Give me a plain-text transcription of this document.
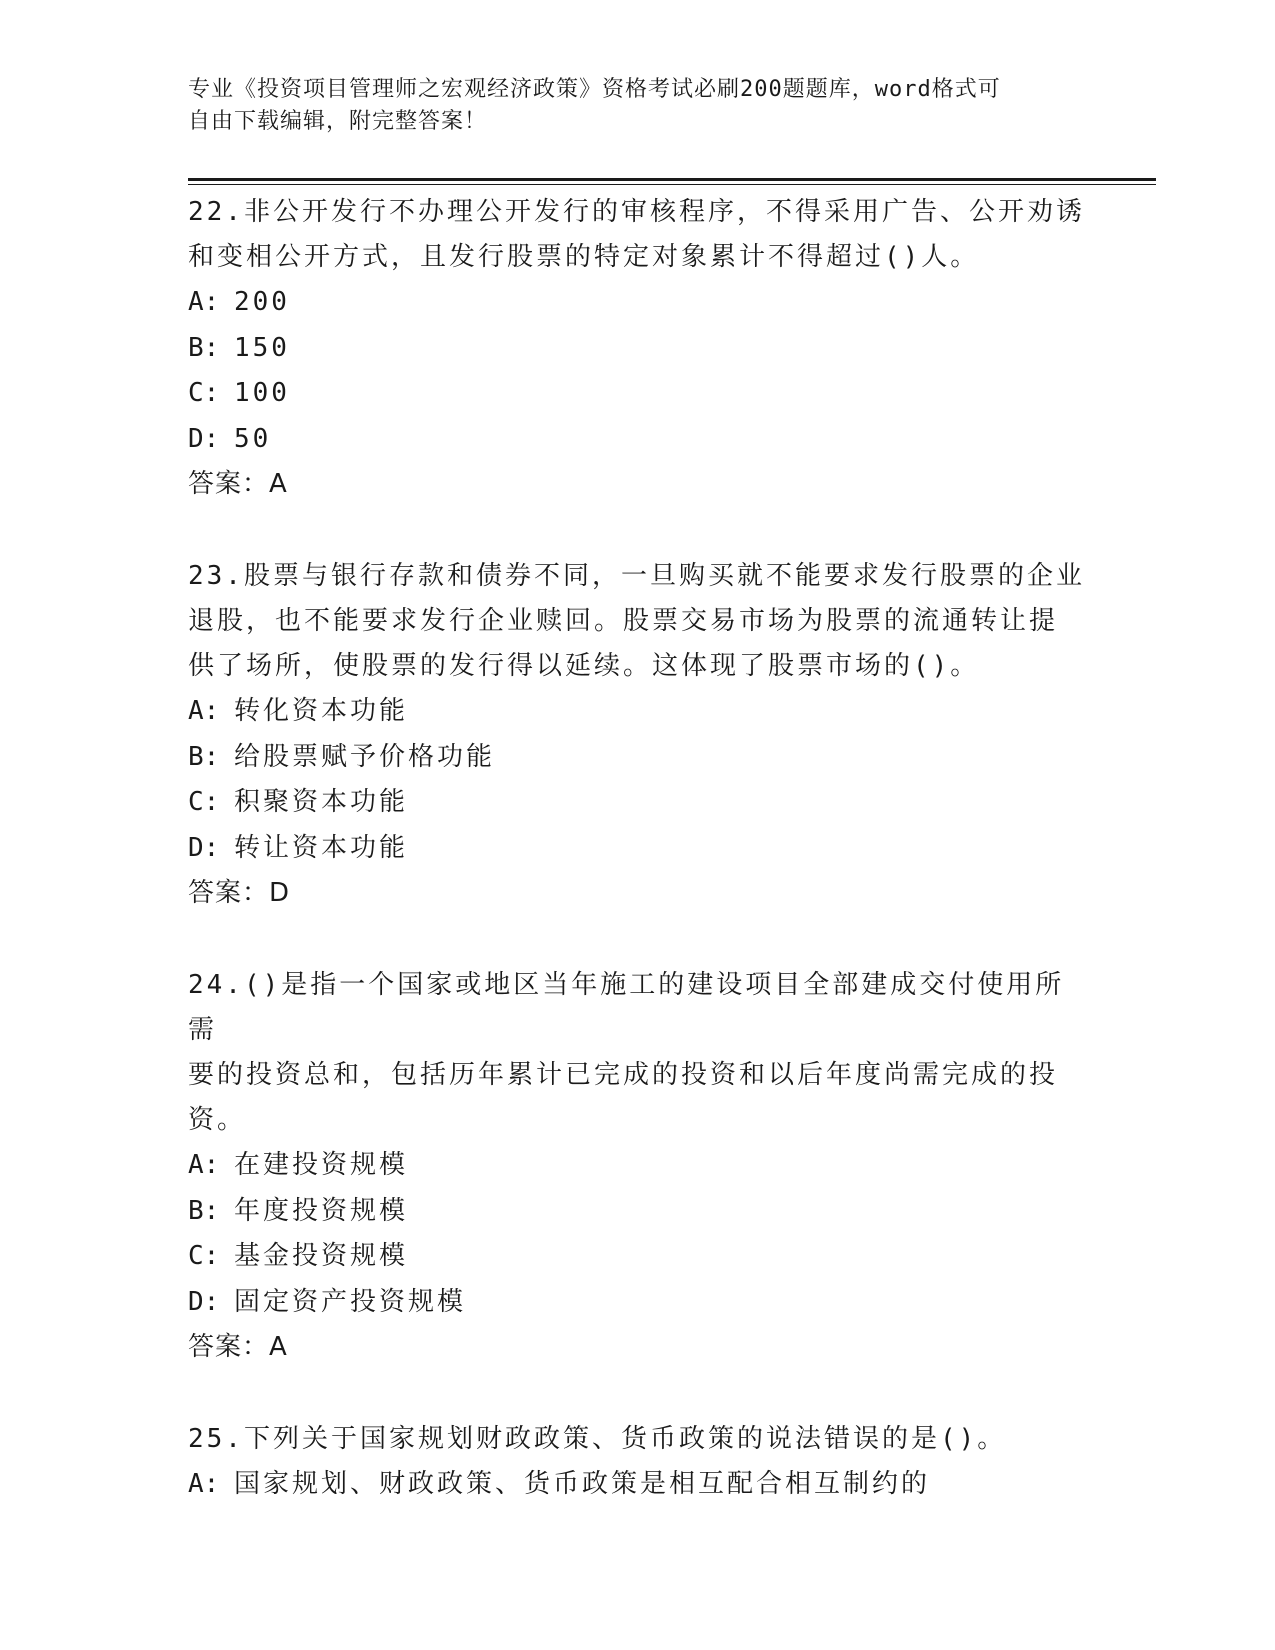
专业《投资项目管理师之宏观经济政策》资格考试必刷200题题库，word格式可
自由下载编辑，附完整答案！
22.非公开发行不办理公开发行的审核程序，不得采用广告、公开劝诱
和变相公开方式，且发行股票的特定对象累计不得超过()人。
A: 200
B: 150
C: 100
D: 50
答案：A
23.股票与银行存款和债券不同，一旦购买就不能要求发行股票的企业
退股，也不能要求发行企业赎回。股票交易市场为股票的流通转让提
供了场所，使股票的发行得以延续。这体现了股票市场的()。
A: 转化资本功能
B: 给股票赋予价格功能
C: 积聚资本功能
D: 转让资本功能
答案：D
24.()是指一个国家或地区当年施工的建设项目全部建成交付使用所需
要的投资总和，包括历年累计已完成的投资和以后年度尚需完成的投
资。
A: 在建投资规模
B: 年度投资规模
C: 基金投资规模
D: 固定资产投资规模
答案：A
25.下列关于国家规划财政政策、货币政策的说法错误的是()。
A: 国家规划、财政政策、货币政策是相互配合相互制约的
